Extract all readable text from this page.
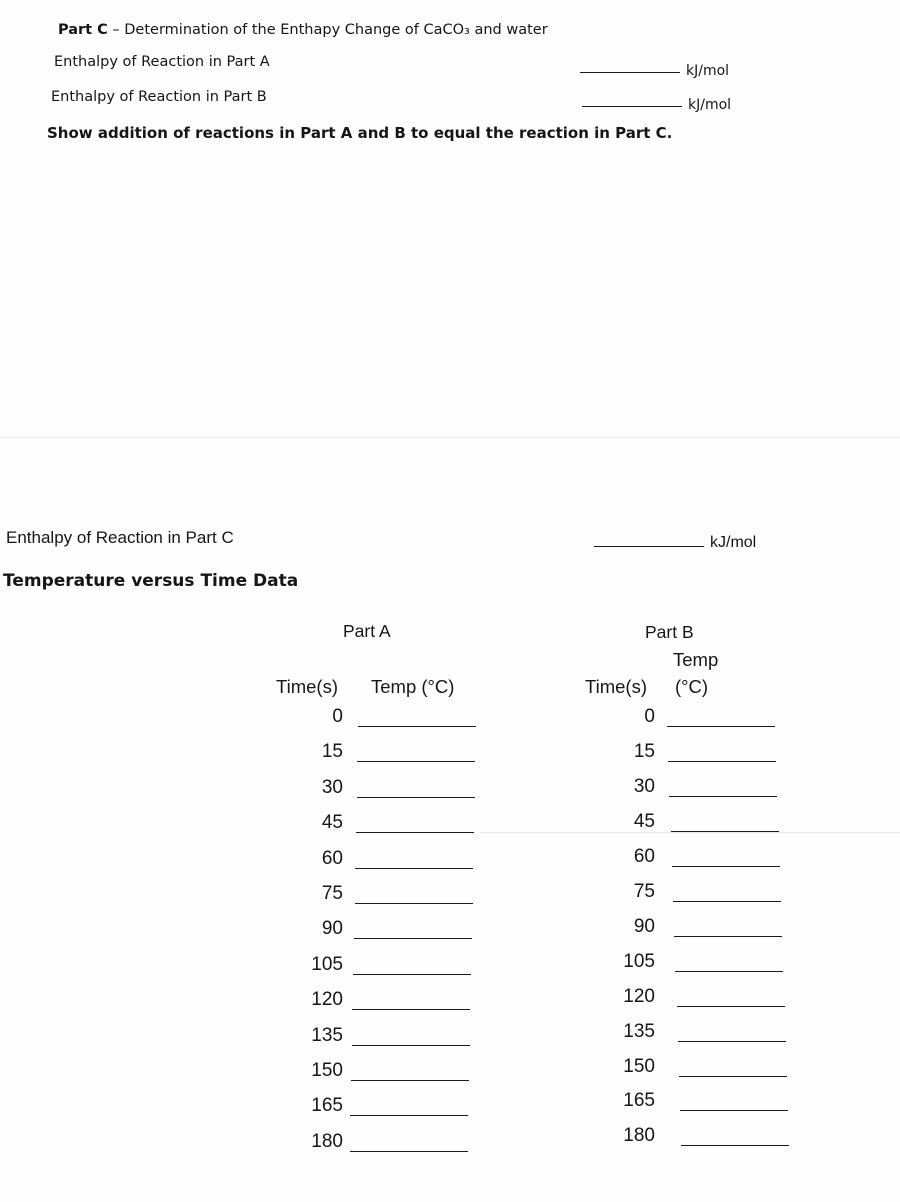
Part C – Determination of the Enthapy Change of CaCO₃ and water
Enthalpy of Reaction in Part A
kJ/mol
Enthalpy of Reaction in Part B	kJ/mol
Show addition of reactions in Part A and B to equal the reaction in Part C.
Enthalpy of Reaction in Part C	kJ/mol
Temperature versus Time Data
Part A
Time(s) Temp (°C)
0
15
30
45
60
75
90
105
120
135
150
165
180
Part B
Temp
Time(s) (°C)
0
15
30
45
60
75
90
105
120
135
150
165
180
